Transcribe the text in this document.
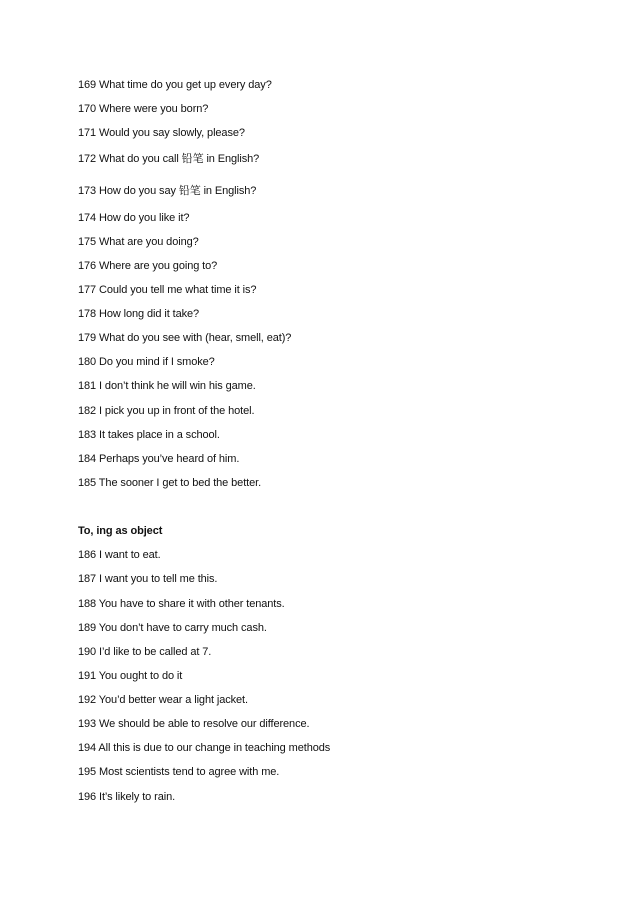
169 What time do you get up every day?
170 Where were you born?
171 Would you say slowly, please?
172 What do you call 铅笔 in English?
173 How do you say 铅笔 in English?
174 How do you like it?
175 What are you doing?
176 Where are you going to?
177 Could you tell me what time it is?
178 How long did it take?
179 What do you see with (hear, smell, eat)?
180 Do you mind if I smoke?
181 I don’t think he will win his game.
182 I pick you up in front of the hotel.
183 It takes place in a school.
184 Perhaps you’ve heard of him.
185 The sooner I get to bed the better.
To, ing as object
186 I want to eat.
187 I want you to tell me this.
188 You have to share it with other tenants.
189 You don’t have to carry much cash.
190 I’d like to be called at 7.
191 You ought to do it
192 You’d better wear a light jacket.
193 We should be able to resolve our difference.
194 All this is due to our change in teaching methods
195 Most scientists tend to agree with me.
196 It’s likely to rain.
